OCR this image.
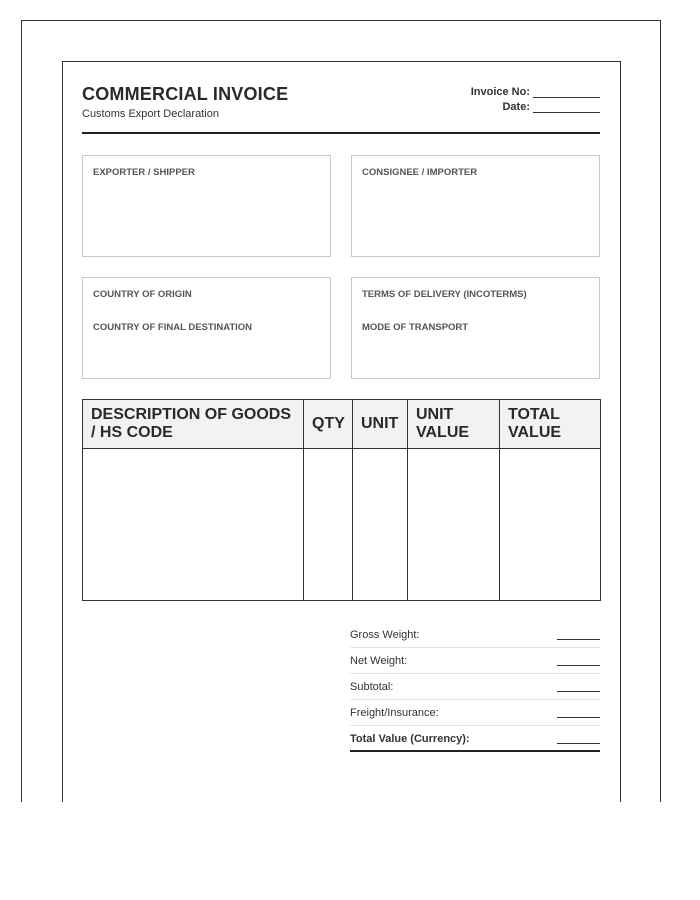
COMMERCIAL INVOICE
Customs Export Declaration
Invoice No:
Date:
EXPORTER / SHIPPER	CONSIGNEE / IMPORTER
COUNTRY OF ORIGIN
COUNTRY OF FINAL DESTINATION
TERMS OF DELIVERY (INCOTERMS)
MODE OF TRANSPORT
DESCRIPTION OF GOODS / HS CODE	QTY	UNIT	UNIT VALUE	TOTAL VALUE

Gross Weight:
Net Weight:
Subtotal:
Freight/Insurance:
Total Value (Currency):
